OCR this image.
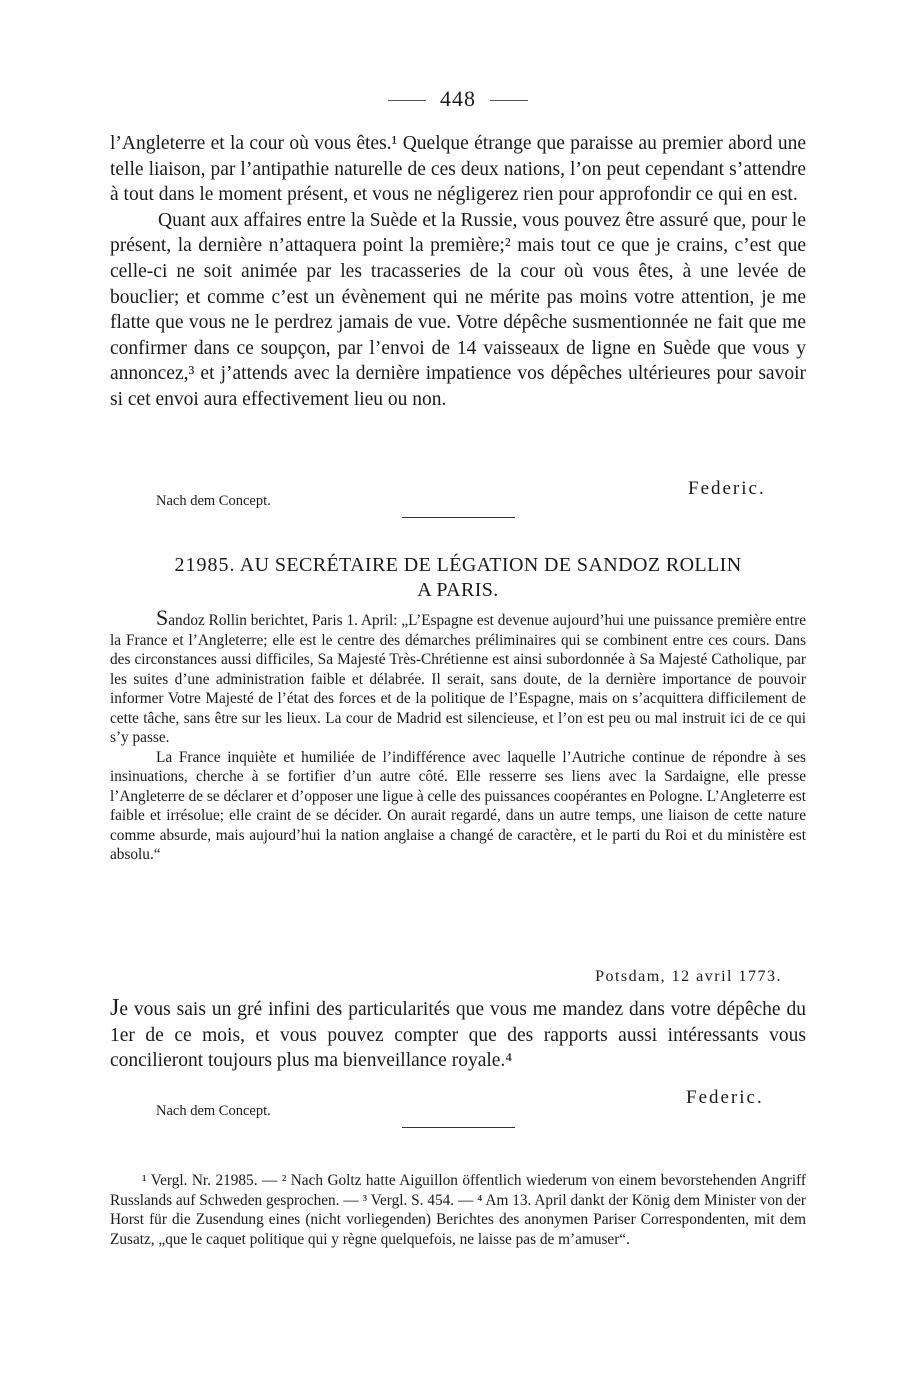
448

l’Angleterre et la cour où vous êtes.¹ Quelque étrange que paraisse au premier abord une telle liaison, par l’antipathie naturelle de ces deux nations, l’on peut cependant s’attendre à tout dans le moment présent, et vous ne négligerez rien pour approfondir ce qui en est.

Quant aux affaires entre la Suède et la Russie, vous pouvez être assuré que, pour le présent, la dernière n’attaquera point la première;² mais tout ce que je crains, c’est que celle-ci ne soit animée par les tracasseries de la cour où vous êtes, à une levée de bouclier; et comme c’est un évènement qui ne mérite pas moins votre attention, je me flatte que vous ne le perdrez jamais de vue. Votre dépêche susmentionnée ne fait que me confirmer dans ce soupçon, par l’envoi de 14 vaisseaux de ligne en Suède que vous y annoncez,³ et j’attends avec la dernière impatience vos dépêches ultérieures pour savoir si cet envoi aura effectivement lieu ou non.

Federic.
Nach dem Concept.
21985. AU SECRÉTAIRE DE LÉGATION DE SANDOZ ROLLIN
A PARIS.

Sandoz Rollin berichtet, Paris 1. April: „L’Espagne est devenue aujourd’hui une puissance première entre la France et l’Angleterre; elle est le centre des démarches préliminaires qui se combinent entre ces cours. Dans des circonstances aussi difficiles, Sa Majesté Très-Chrétienne est ainsi subordonnée à Sa Majesté Catholique, par les suites d’une administration faible et délabrée. Il serait, sans doute, de la dernière importance de pouvoir informer Votre Majesté de l’état des forces et de la politique de l’Espagne, mais on s’acquittera difficilement de cette tâche, sans être sur les lieux. La cour de Madrid est silencieuse, et l’on est peu ou mal instruit ici de ce qui s’y passe.

La France inquiète et humiliée de l’indifférence avec laquelle l’Autriche continue de répondre à ses insinuations, cherche à se fortifier d’un autre côté. Elle resserre ses liens avec la Sardaigne, elle presse l’Angleterre de se déclarer et d’opposer une ligue à celle des puissances coopérantes en Pologne. L’Angleterre est faible et irrésolue; elle craint de se décider. On aurait regardé, dans un autre temps, une liaison de cette nature comme absurde, mais aujourd’hui la nation anglaise a changé de caractère, et le parti du Roi et du ministère est absolu.“

Potsdam, 12 avril 1773.

Je vous sais un gré infini des particularités que vous me mandez dans votre dépêche du 1er de ce mois, et vous pouvez compter que des rapports aussi intéressants vous concilieront toujours plus ma bienveillance royale.⁴

Federic.
Nach dem Concept.

¹ Vergl. Nr. 21985. — ² Nach Goltz hatte Aiguillon öffentlich wiederum von einem bevorstehenden Angriff Russlands auf Schweden gesprochen. — ³ Vergl. S. 454. — ⁴ Am 13. April dankt der König dem Minister von der Horst für die Zusendung eines (nicht vorliegenden) Berichtes des anonymen Pariser Correspondenten, mit dem Zusatz, „que le caquet politique qui y règne quelquefois, ne laisse pas de m’amuser“.
